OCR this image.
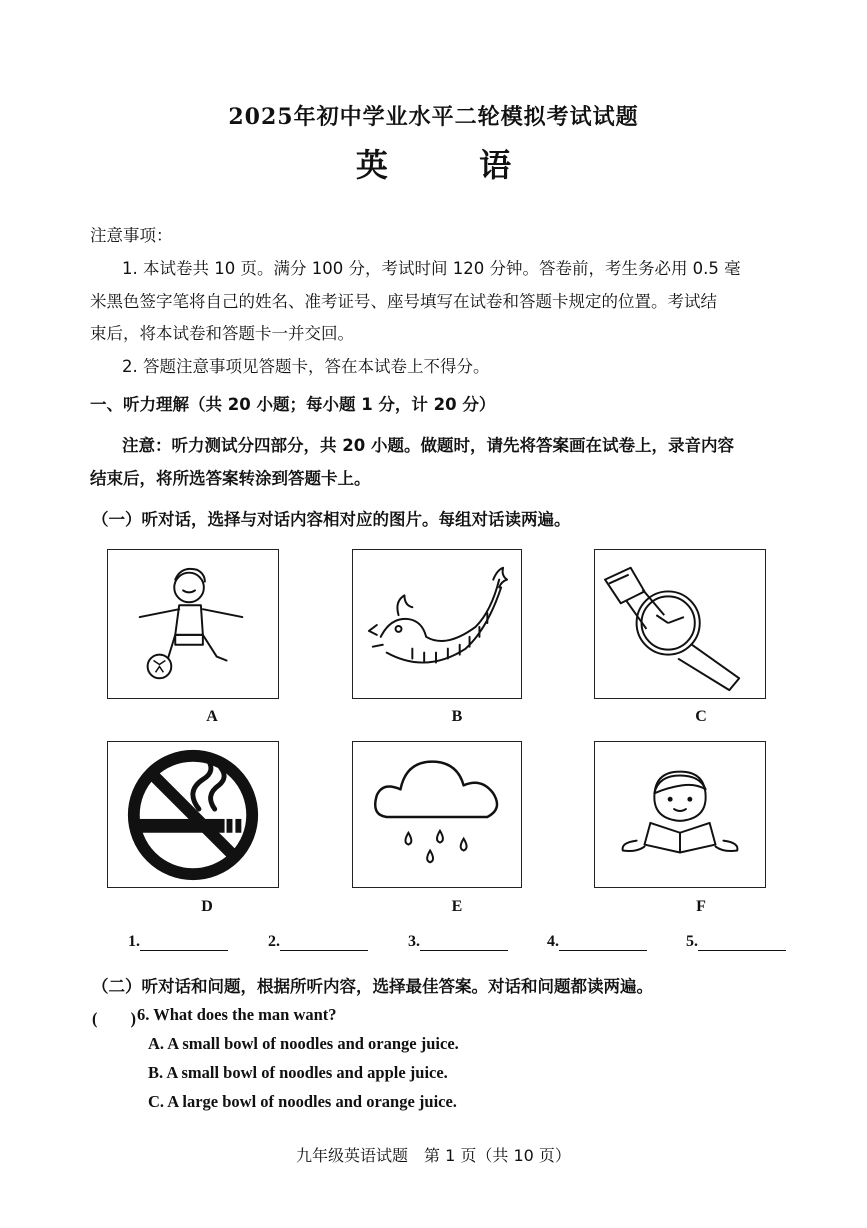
2025年初中学业水平二轮模拟考试试题
英 语
注意事项：
1. 本试卷共 10 页。满分 100 分，考试时间 120 分钟。答卷前，考生务必用 0.5 毫
米黑色签字笔将自己的姓名、准考证号、座号填写在试卷和答题卡规定的位置。考试结
束后，将本试卷和答题卡一并交回。
2. 答题注意事项见答题卡，答在本试卷上不得分。
一、听力理解（共 20 小题；每小题 1 分，计 20 分）
注意：听力测试分四部分，共 20 小题。做题时，请先将答案画在试卷上，录音内容
结束后，将所选答案转涂到答题卡上。
（一）听对话，选择与对话内容相对应的图片。每组对话读两遍。
A	B	C
D	E	F
1.	2.	3.	4.	5.
（二）听对话和问题，根据所听内容，选择最佳答案。对话和问题都读两遍。
(　　) 6. What does the man want?
A. A small bowl of noodles and orange juice.
B. A small bowl of noodles and apple juice.
C. A large bowl of noodles and orange juice.
九年级英语试题　第 1 页（共 10 页）
